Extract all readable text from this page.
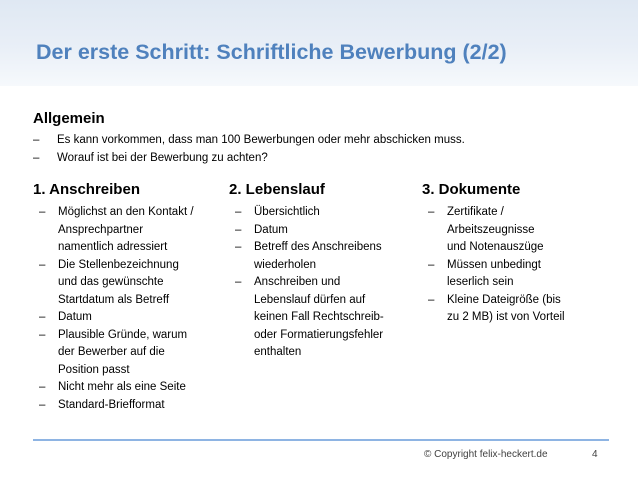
Der erste Schritt: Schriftliche Bewerbung (2/2)
Allgemein
– Es kann vorkommen, dass man 100 Bewerbungen oder mehr abschicken muss.
– Worauf ist bei der Bewerbung zu achten?
1. Anschreiben
– Möglichst an den Kontakt /
Ansprechpartner
namentlich adressiert
– Die Stellenbezeichnung
und das gewünschte
Startdatum als Betreff
– Datum
– Plausible Gründe, warum
der Bewerber auf die
Position passt
– Nicht mehr als eine Seite
– Standard-Briefformat
2. Lebenslauf
– Übersichtlich
– Datum
– Betreff des Anschreibens
wiederholen
– Anschreiben und
Lebenslauf dürfen auf
keinen Fall Rechtschreib-
oder Formatierungsfehler
enthalten
3. Dokumente
– Zertifikate /
Arbeitszeugnisse
und Notenauszüge
– Müssen unbedingt
leserlich sein
– Kleine Dateigröße (bis
zu 2 MB) ist von Vorteil
© Copyright felix-heckert.de	4
